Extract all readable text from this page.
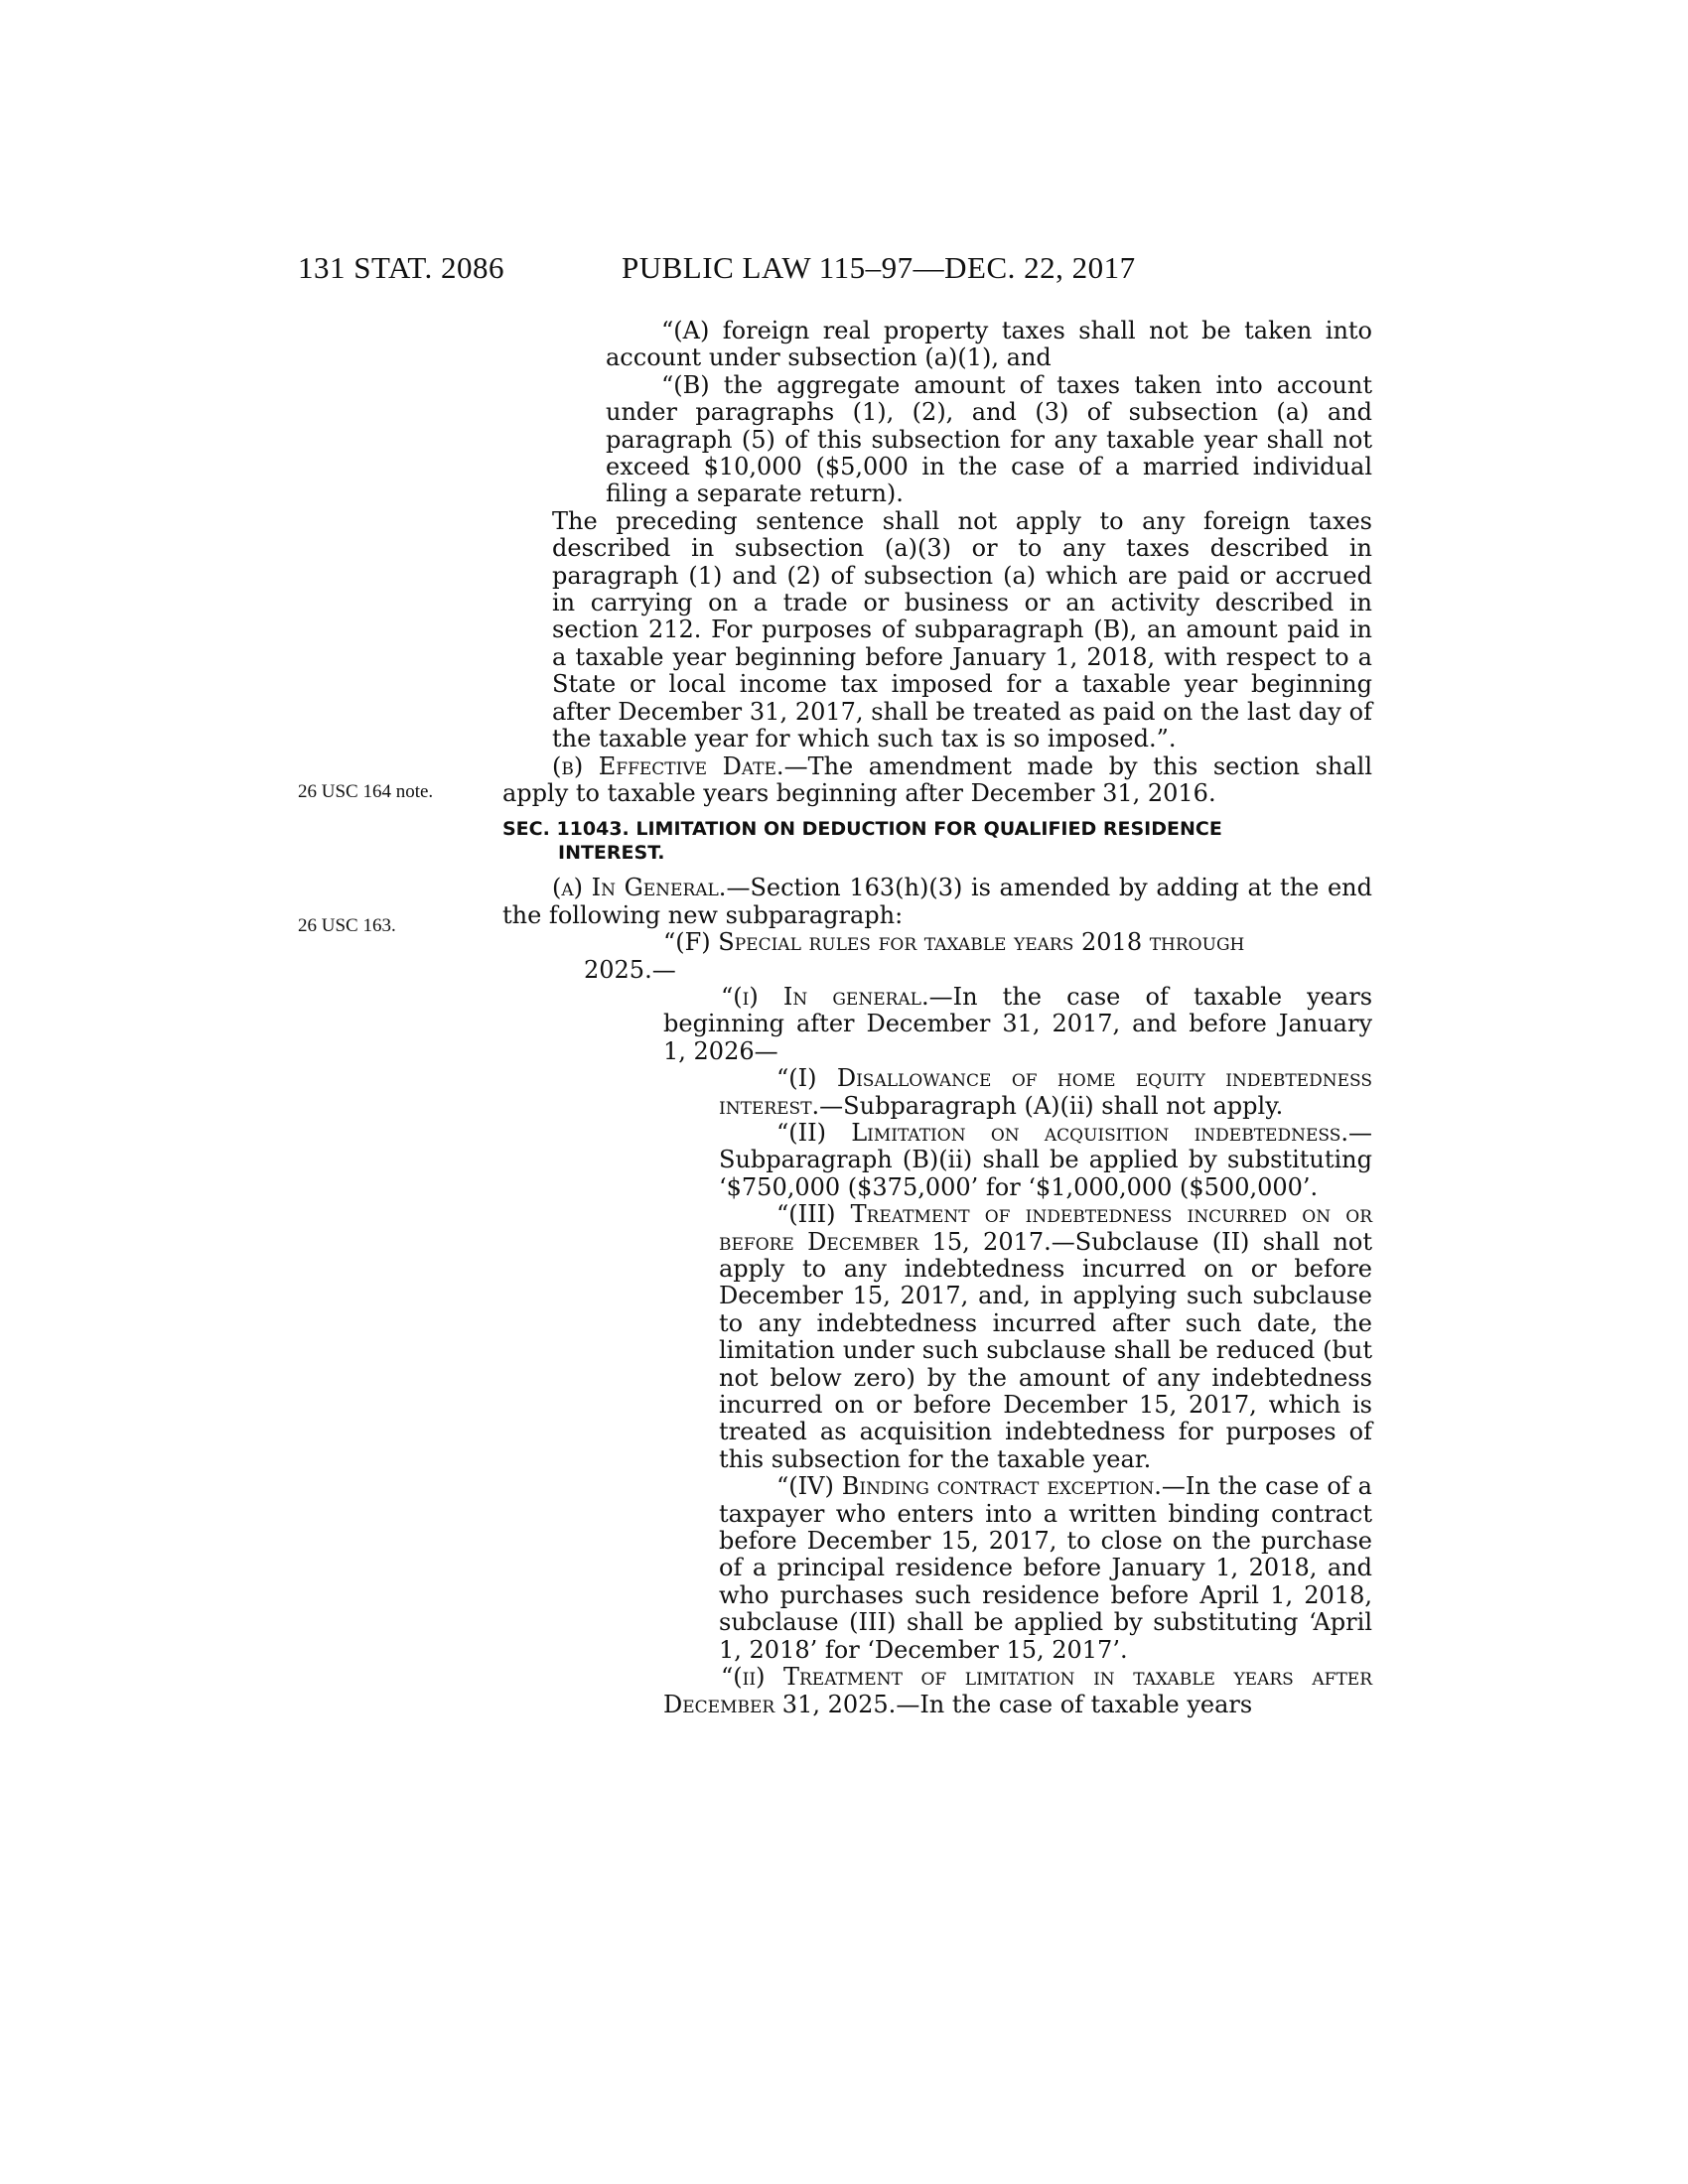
131 STAT. 2086	PUBLIC LAW 115–97—DEC. 22, 2017
26 USC 164 note.
26 USC 163.

“(A) foreign real property taxes shall not be taken into account under subsection (a)(1), and

“(B) the aggregate amount of taxes taken into account under paragraphs (1), (2), and (3) of subsection (a) and paragraph (5) of this subsection for any taxable year shall not exceed $10,000 ($5,000 in the case of a married individual filing a separate return).

The preceding sentence shall not apply to any foreign taxes described in subsection (a)(3) or to any taxes described in paragraph (1) and (2) of subsection (a) which are paid or accrued in carrying on a trade or business or an activity described in section 212. For purposes of subparagraph (B), an amount paid in a taxable year beginning before January 1, 2018, with respect to a State or local income tax imposed for a taxable year beginning after December 31, 2017, shall be treated as paid on the last day of the taxable year for which such tax is so imposed.”.

(b) Effective Date.—The amendment made by this section shall apply to taxable years beginning after December 31, 2016.

SEC. 11043. LIMITATION ON DEDUCTION FOR QUALIFIED RESIDENCE
INTEREST.

(a) In General.—Section 163(h)(3) is amended by adding at the end the following new subparagraph:

“(F) Special rules for taxable years 2018 through
2025.—

“(i) In general.—In the case of taxable years beginning after December 31, 2017, and before January 1, 2026—

“(I) Disallowance of home equity indebtedness interest.—Subparagraph (A)(ii) shall not apply.

“(II) Limitation on acquisition indebtedness.—Subparagraph (B)(ii) shall be applied by substituting ‘$750,000 ($375,000’ for ‘$1,000,000 ($500,000’.

“(III) Treatment of indebtedness incurred on or before December 15, 2017.—Subclause (II) shall not apply to any indebtedness incurred on or before December 15, 2017, and, in applying such subclause to any indebtedness incurred after such date, the limitation under such subclause shall be reduced (but not below zero) by the amount of any indebtedness incurred on or before December 15, 2017, which is treated as acquisition indebtedness for purposes of this subsection for the taxable year.

“(IV) Binding contract exception.—In the case of a taxpayer who enters into a written binding contract before December 15, 2017, to close on the purchase of a principal residence before January 1, 2018, and who purchases such residence before April 1, 2018, subclause (III) shall be applied by substituting ‘April 1, 2018’ for ‘December 15, 2017’.

“(ii) Treatment of limitation in taxable years after December 31, 2025.—In the case of taxable years
